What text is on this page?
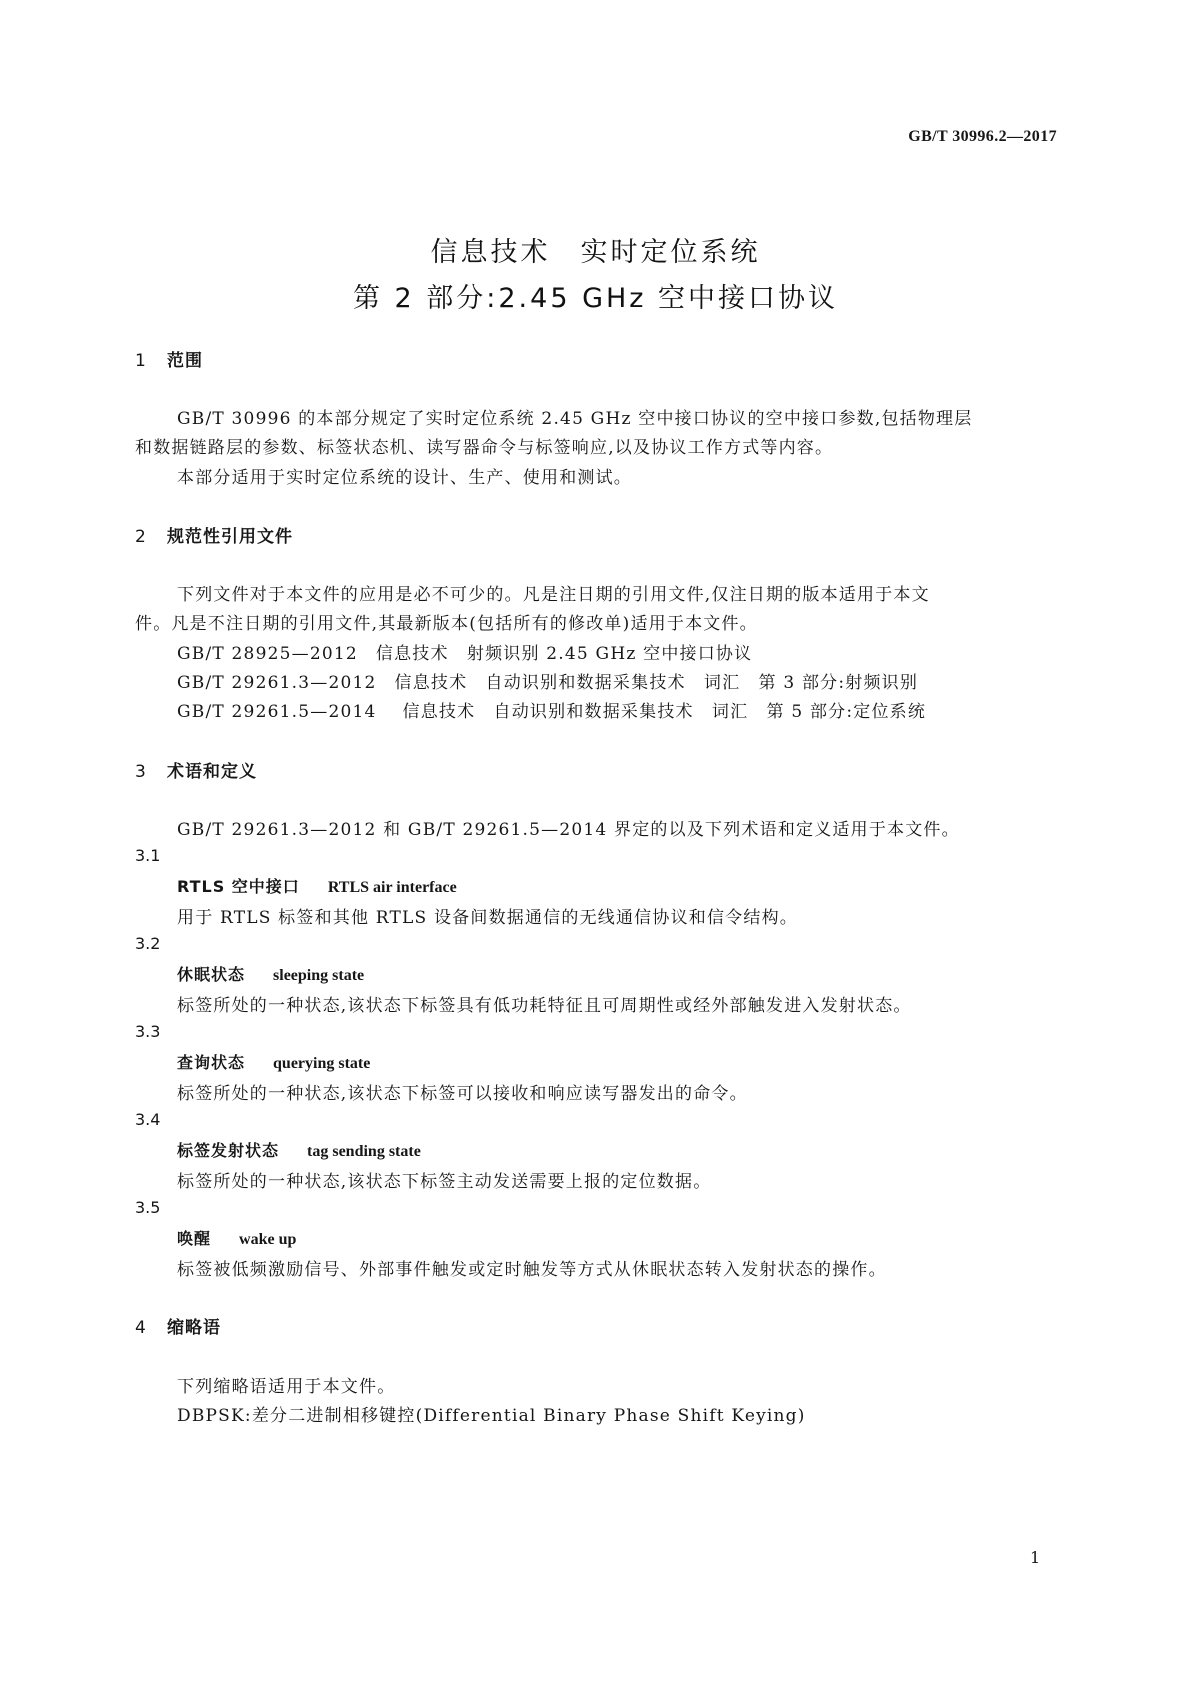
GB/T 30996.2—2017
信息技术　实时定位系统
第 2 部分:2.45 GHz 空中接口协议
1 范围
GB/T 30996 的本部分规定了实时定位系统 2.45 GHz 空中接口协议的空中接口参数,包括物理层
和数据链路层的参数、标签状态机、读写器命令与标签响应,以及协议工作方式等内容。
本部分适用于实时定位系统的设计、生产、使用和测试。
2 规范性引用文件
下列文件对于本文件的应用是必不可少的。凡是注日期的引用文件,仅注日期的版本适用于本文
件。凡是不注日期的引用文件,其最新版本(包括所有的修改单)适用于本文件。
GB/T 28925—2012 信息技术　射频识别 2.45 GHz 空中接口协议
GB/T 29261.3—2012 信息技术　自动识别和数据采集技术　词汇　第 3 部分:射频识别
GB/T 29261.5—2014 信息技术　自动识别和数据采集技术　词汇　第 5 部分:定位系统
3 术语和定义
GB/T 29261.3—2012 和 GB/T 29261.5—2014 界定的以及下列术语和定义适用于本文件。
3.1
RTLS 空中接口 RTLS air interface
用于 RTLS 标签和其他 RTLS 设备间数据通信的无线通信协议和信令结构。
3.2
休眠状态 sleeping state
标签所处的一种状态,该状态下标签具有低功耗特征且可周期性或经外部触发进入发射状态。
3.3
查询状态 querying state
标签所处的一种状态,该状态下标签可以接收和响应读写器发出的命令。
3.4
标签发射状态 tag sending state
标签所处的一种状态,该状态下标签主动发送需要上报的定位数据。
3.5
唤醒 wake up
标签被低频激励信号、外部事件触发或定时触发等方式从休眠状态转入发射状态的操作。
4 缩略语
下列缩略语适用于本文件。
DBPSK:差分二进制相移键控(Differential Binary Phase Shift Keying)
1
